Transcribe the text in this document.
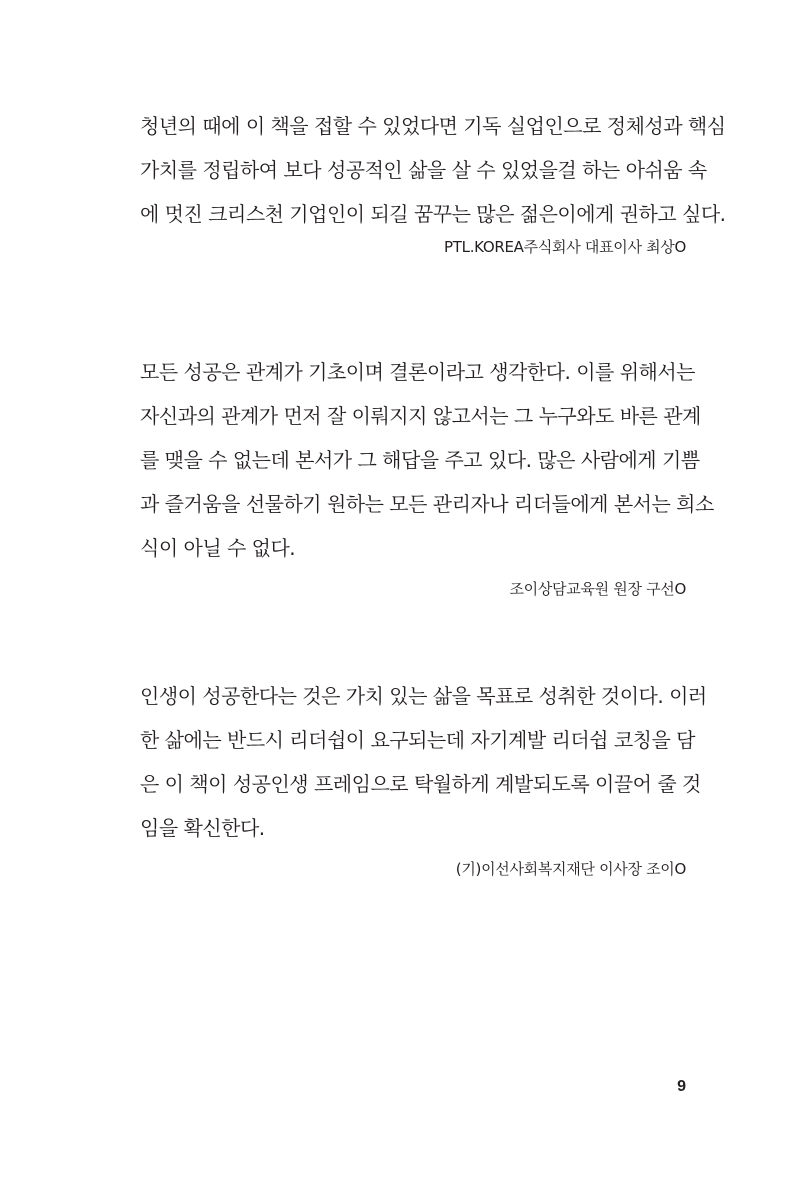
청년의 때에 이 책을 접할 수 있었다면 기독 실업인으로 정체성과 핵심
가치를 정립하여 보다 성공적인 삶을 살 수 있었을걸 하는 아쉬움 속
에 멋진 크리스천 기업인이 되길 꿈꾸는 많은 젊은이에게 권하고 싶다.
PTL.KOREA주식회사 대표이사 최상O
모든 성공은 관계가 기초이며 결론이라고 생각한다. 이를 위해서는
자신과의 관계가 먼저 잘 이뤄지지 않고서는 그 누구와도 바른 관계
를 맺을 수 없는데 본서가 그 해답을 주고 있다. 많은 사람에게 기쁨
과 즐거움을 선물하기 원하는 모든 관리자나 리더들에게 본서는 희소
식이 아닐 수 없다.
조이상담교육원 원장 구선O
인생이 성공한다는 것은 가치 있는 삶을 목표로 성취한 것이다. 이러
한 삶에는 반드시 리더쉽이 요구되는데 자기계발 리더쉽 코칭을 담
은 이 책이 성공인생 프레임으로 탁월하게 계발되도록 이끌어 줄 것
임을 확신한다.
(기)이선사회복지재단 이사장 조이O
9
